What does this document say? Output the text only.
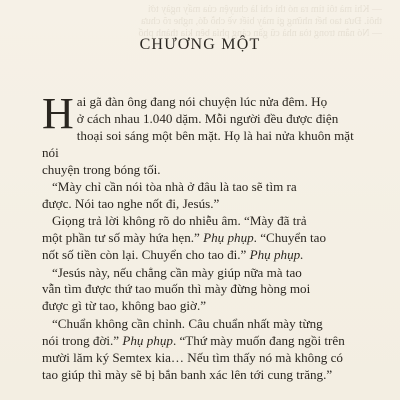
— Khi mà tôi tìm ra nó thì chỉ là chuyện của mấy ngày tới
thôi. Đưa tao hết những gì mày biết về chỗ đó, nghe rõ chưa
— Nó nằm trong tòa nhà cũ gần cảng phía bên kia thành phố
CHƯƠNG MỘT

H ai gã đàn ông đang nói chuyện lúc nửa đêm. Họ
ở cách nhau 1.040 dặm. Mỗi người đều được điện
thoại soi sáng một bên mặt. Họ là hai nửa khuôn mặt nói
chuyện trong bóng tối.

“Mày chỉ cần nói tòa nhà ở đâu là tao sẽ tìm ra
được. Nói tao nghe nốt đi, Jesús.”

Giọng trả lời không rõ do nhiễu âm. “Mày đã trả
một phần tư số mày hứa hẹn.” Phụ phụp. “Chuyển tao
nốt số tiền còn lại. Chuyển cho tao đi.” Phụ phụp.

“Jesús này, nếu chẳng cần mày giúp nữa mà tao
vẫn tìm được thứ tao muốn thì mày đừng hòng moi
được gì từ tao, không bao giờ.”

“Chuẩn không cần chỉnh. Câu chuẩn nhất mày từng
nói trong đời.” Phụ phụp. “Thứ mày muốn đang ngồi trên
mười lăm ký Semtex kia… Nếu tìm thấy nó mà không có
tao giúp thì mày sẽ bị bắn banh xác lên tới cung trăng.”
